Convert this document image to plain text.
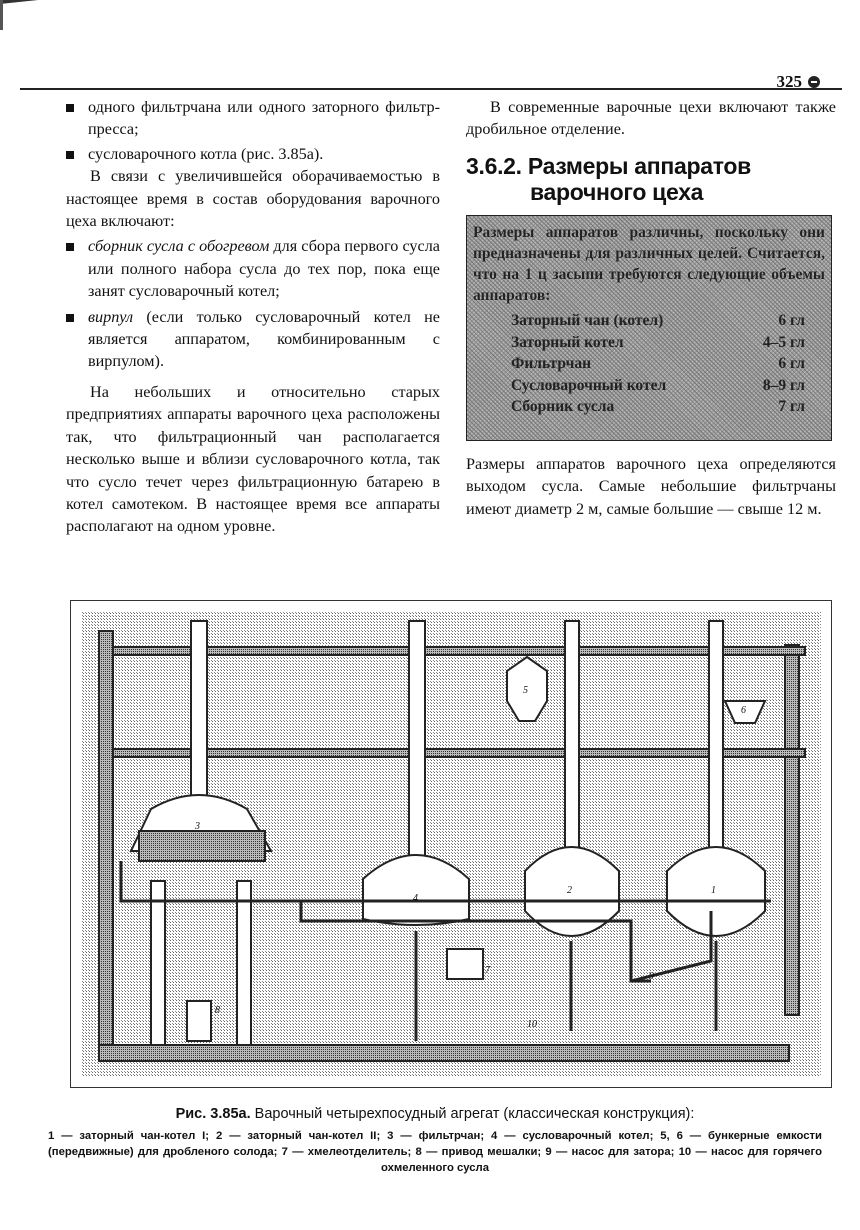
325
одного фильтрчана или одного заторного фильтр-пресса;
сусловарочного котла (рис. 3.85а).

В связи с увеличившейся оборачиваемостью в настоящее время в состав оборудования варочного цеха включают:

сборник сусла с обогревом для сбора первого сусла или полного набора сусла до тех пор, пока еще занят сусловарочный котел;
вирпул (если только сусловарочный котел не является аппаратом, комбинированным с вирпулом).

На небольших и относительно старых предприятиях аппараты варочного цеха расположены так, что фильтрационный чан располагается несколько выше и вблизи сусловарочного котла, так что сусло течет через фильтрационную батарею в котел самотеком. В настоящее время все аппараты располагают на одном уровне.

В современные варочные цехи включают также дробильное отделение.

3.6.2. Размеры аппаратов
варочного цеха
Размеры аппаратов различны, поскольку они предназначены для различных целей. Считается, что на 1 ц засыпи требуются следующие объемы аппаратов:
Заторный чан (котел)	6 гл
Заторный котел	4–5 гл
Фильтрчан	6 гл
Сусловарочный котел	8–9 гл
Сборник сусла	7 гл

Размеры аппаратов варочного цеха определяются выходом сусла. Самые небольшие фильтрчаны имеют диаметр 2 м, самые большие — свыше 12 м.

1
2
3
4
5
6
7
8
9
10
Рис. 3.85а. Варочный четырехпосудный агрегат (классическая конструкция):
1 — заторный чан-котел I; 2 — заторный чан-котел II; 3 — фильтрчан; 4 — сусловарочный котел; 5, 6 — бункерные емкости (передвижные) для дробленого солода; 7 — хмелеотделитель; 8 — привод мешалки; 9 — насос для затора; 10 — насос для горячего охмеленного сусла
